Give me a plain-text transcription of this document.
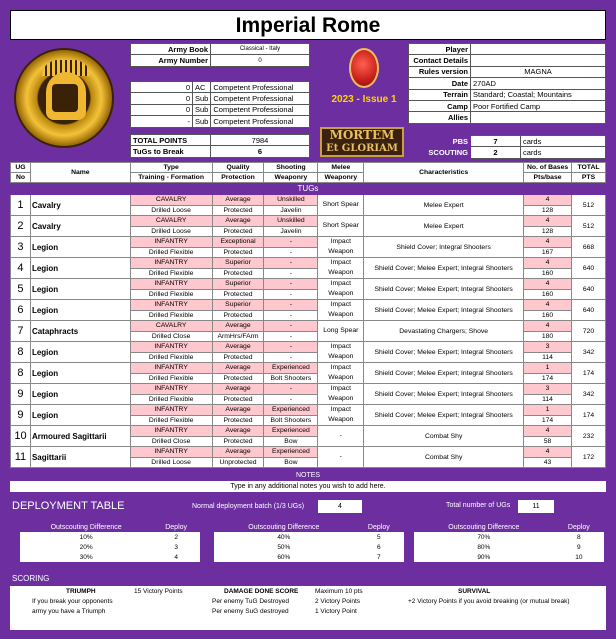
Imperial Rome
Army Book	Classical - Italy
Army Number	0
0	AC	Competent Professional
0	Sub	Competent Professional
0	Sub	Competent Professional
-	Sub	Competent Professional
TOTAL POINTS	7984
TuGs to Break	6
2023 - Issue 1
MORTEM
Et GLORIAM
Player	
Contact Details	
Rules version	MAGNA
Date	270AD
Terrain	Standard; Coastal; Mountains
Camp	Poor Fortified Camp
Allies	
PBS	7	cards
SCOUTING	2	cards
UG	Name	Type	Quality	Shooting	Melee	Characteristics	No. of Bases	TOTAL
No		Training - Formation	Protection	Weaponry	Weaponry		Pts/base	PTS
TUGs								
1	Cavalry	CAVALRY	Average	Unskilled	Short Spear	Melee Expert	4	512
		Drilled Loose	Protected	Javelin			128	
2	Cavalry	CAVALRY	Average	Unskilled	Short Spear	Melee Expert	4	512
		Drilled Loose	Protected	Javelin			128	
3	Legion	INFANTRY	Exceptional	-	Impact Weapon	Shield Cover; Integral Shooters	4	668
		Drilled Flexible	Protected	-			167	
4	Legion	INFANTRY	Superior	-	Impact Weapon	Shield Cover; Melee Expert; Integral Shooters	4	640
		Drilled Flexible	Protected	-			160	
5	Legion	INFANTRY	Superior	-	Impact Weapon	Shield Cover; Melee Expert; Integral Shooters	4	640
		Drilled Flexible	Protected	-			160	
6	Legion	INFANTRY	Superior	-	Impact Weapon	Shield Cover; Melee Expert; Integral Shooters	4	640
		Drilled Flexible	Protected	-			160	
7	Cataphracts	CAVALRY	Average	-	Long Spear	Devastating Chargers; Shove	4	720
		Drilled Close	ArmHrs/FArm	-			180	
8	Legion	INFANTRY	Average	-	Impact Weapon	Shield Cover; Melee Expert; Integral Shooters	3	342
		Drilled Flexible	Protected	-			114	
8	Legion	INFANTRY	Average	Experienced	Impact Weapon	Shield Cover; Melee Expert; Integral Shooters	1	174
		Drilled Flexible	Protected	Bolt Shooters			174	
9	Legion	INFANTRY	Average	-	Impact Weapon	Shield Cover; Melee Expert; Integral Shooters	3	342
		Drilled Flexible	Protected	-			114	
9	Legion	INFANTRY	Average	Experienced	Impact Weapon	Shield Cover; Melee Expert; Integral Shooters	1	174
		Drilled Flexible	Protected	Bolt Shooters			174	
10	Armoured Sagittarii	INFANTRY	Average	Experienced	-	Combat Shy	4	232
		Drilled Close	Protected	Bow			58	
11	Sagittarii	INFANTRY	Average	Experienced	-	Combat Shy	4	172
		Drilled Loose	Unprotected	Bow			43	
NOTES
Type in any additional notes you wish to add here.
DEPLOYMENT TABLE	Normal deployment batch (1/3 UGs)	4	Total number of UGs	11
Outscouting Difference	Deploy
10%	2
20%	3
30%	4
Outscouting Difference	Deploy
40%	5
50%	6
60%	7
Outscouting Difference	Deploy
70%	8
80%	9
90%	10
SCORING
TRIUMPH	15 Victory Points
If you break your opponents
army you have a Triumph
DAMAGE DONE SCORE	Maximum 10 pts
Per enemy TuG Destroyed	2 Victory Points
Per enemy SuG destroyed	1 Victory Point
SURVIVAL
+2 Victory Points if you avoid breaking (or mutual break)
